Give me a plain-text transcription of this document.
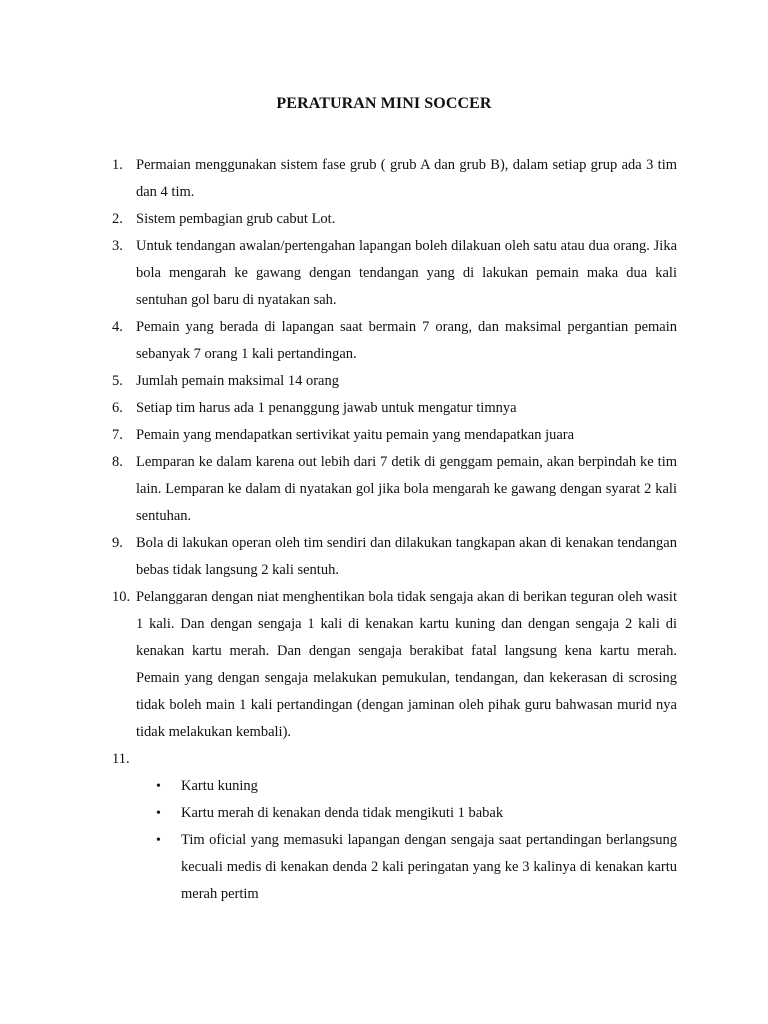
PERATURAN MINI SOCCER
1. Permaian menggunakan sistem fase grub ( grub A dan grub B), dalam setiap grup ada 3 tim dan 4 tim.
2. Sistem pembagian grub cabut Lot.
3. Untuk tendangan awalan/pertengahan lapangan boleh dilakuan oleh satu atau dua orang. Jika bola mengarah ke gawang dengan tendangan yang di lakukan pemain maka dua kali sentuhan gol baru di nyatakan sah.
4. Pemain yang berada di lapangan saat bermain 7 orang, dan maksimal pergantian pemain sebanyak 7 orang 1 kali pertandingan.
5. Jumlah pemain maksimal 14 orang
6. Setiap tim harus ada 1 penanggung jawab untuk mengatur timnya
7. Pemain yang mendapatkan sertivikat yaitu pemain yang mendapatkan juara
8. Lemparan ke dalam karena out lebih dari 7 detik di genggam pemain, akan berpindah ke tim lain. Lemparan ke dalam di nyatakan gol jika bola mengarah ke gawang dengan syarat 2 kali sentuhan.
9. Bola di lakukan operan oleh tim sendiri dan dilakukan tangkapan akan di kenakan tendangan bebas tidak langsung 2 kali sentuh.
10. Pelanggaran dengan niat menghentikan bola tidak sengaja akan di berikan teguran oleh wasit 1 kali. Dan dengan sengaja 1 kali di kenakan kartu kuning dan dengan sengaja 2 kali di kenakan kartu merah. Dan dengan sengaja berakibat fatal langsung kena kartu merah. Pemain yang dengan sengaja melakukan pemukulan, tendangan, dan kekerasan di scrosing tidak boleh main 1 kali pertandingan (dengan jaminan oleh pihak guru bahwasan murid nya tidak melakukan kembali).
11.
• Kartu kuning
• Kartu merah di kenakan denda tidak mengikuti 1 babak
• Tim oficial yang memasuki lapangan dengan sengaja saat pertandingan berlangsung kecuali medis di kenakan denda 2 kali peringatan yang ke 3 kalinya di kenakan kartu merah pertim
